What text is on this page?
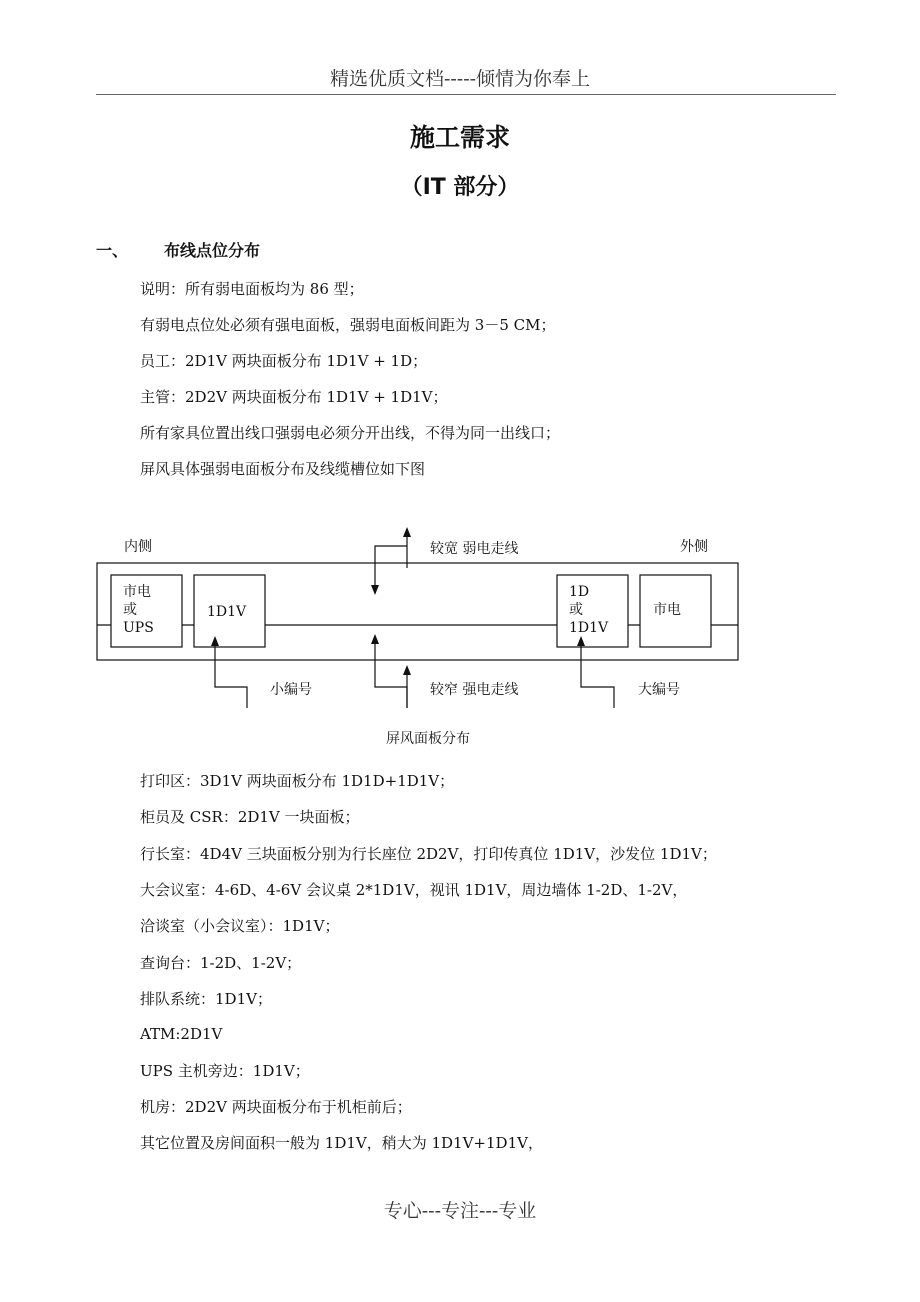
精选优质文档-----倾情为你奉上
施工需求
（IT 部分）
一、 布线点位分布
说明：所有弱电面板均为 86 型；
有弱电点位处必须有强电面板，强弱电面板间距为 3－5 CM；
员工：2D1V 两块面板分布 1D1V + 1D；
主管：2D2V 两块面板分布 1D1V + 1D1V；
所有家具位置出线口强弱电必须分开出线，不得为同一出线口；
屏风具体强弱电面板分布及线缆槽位如下图
市电
或
UPS
1D1V
1D
或
1D1V
市电
内侧	外侧
较宽 弱电走线
小编号	较窄 强电走线	大编号
屏风面板分布
打印区：3D1V 两块面板分布 1D1D+1D1V；
柜员及 CSR：2D1V 一块面板；
行长室：4D4V 三块面板分别为行长座位 2D2V，打印传真位 1D1V，沙发位 1D1V；
大会议室：4-6D、4-6V 会议桌 2*1D1V，视讯 1D1V，周边墙体 1-2D、1-2V，
洽谈室（小会议室）：1D1V；
查询台：1-2D、1-2V；
排队系统：1D1V；
ATM:2D1V
UPS 主机旁边：1D1V；
机房：2D2V 两块面板分布于机柜前后；
其它位置及房间面积一般为 1D1V，稍大为 1D1V+1D1V，
专心---专注---专业
